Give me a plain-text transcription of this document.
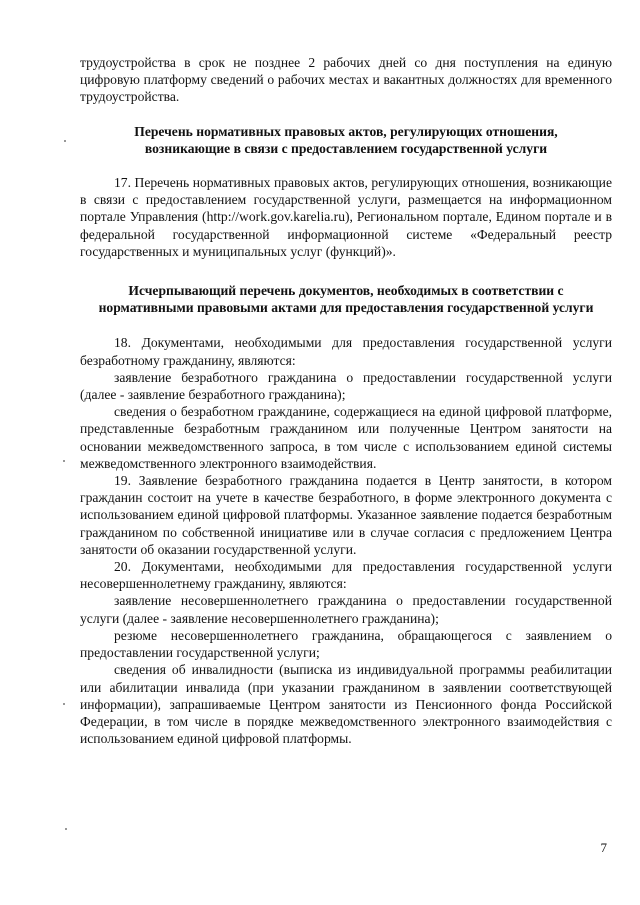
трудоустройства в срок не позднее 2 рабочих дней со дня поступления на единую цифровую платформу сведений о рабочих местах и вакантных должностях для временного трудоустройства.

Перечень нормативных правовых актов, регулирующих отношения, возникающие в связи с предоставлением государственной услуги

17. Перечень нормативных правовых актов, регулирующих отношения, возникающие в связи с предоставлением государственной услуги, размещается на информационном портале Управления (http://work.gov.karelia.ru), Региональном портале, Едином портале и в федеральной государственной информационной системе «Федеральный реестр государственных и муниципальных услуг (функций)».

Исчерпывающий перечень документов, необходимых в соответствии с нормативными правовыми актами для предоставления государственной услуги

18. Документами, необходимыми для предоставления государственной услуги безработному гражданину, являются:

заявление безработного гражданина о предоставлении государственной услуги (далее - заявление безработного гражданина);

сведения о безработном гражданине, содержащиеся на единой цифровой платформе, представленные безработным гражданином или полученные Центром занятости на основании межведомственного запроса, в том числе с использованием единой системы межведомственного электронного взаимодействия.

19. Заявление безработного гражданина подается в Центр занятости, в котором гражданин состоит на учете в качестве безработного, в форме электронного документа с использованием единой цифровой платформы. Указанное заявление подается безработным гражданином по собственной инициативе или в случае согласия с предложением Центра занятости об оказании государственной услуги.

20. Документами, необходимыми для предоставления государственной услуги несовершеннолетнему гражданину, являются:

заявление несовершеннолетнего гражданина о предоставлении государственной услуги (далее - заявление несовершеннолетнего гражданина);

резюме несовершеннолетнего гражданина, обращающегося с заявлением о предоставлении государственной услуги;

сведения об инвалидности (выписка из индивидуальной программы реабилитации или абилитации инвалида (при указании гражданином в заявлении соответствующей информации), запрашиваемые Центром занятости из Пенсионного фонда Российской Федерации, в том числе в порядке межведомственного электронного взаимодействия с использованием единой цифровой платформы.

7
